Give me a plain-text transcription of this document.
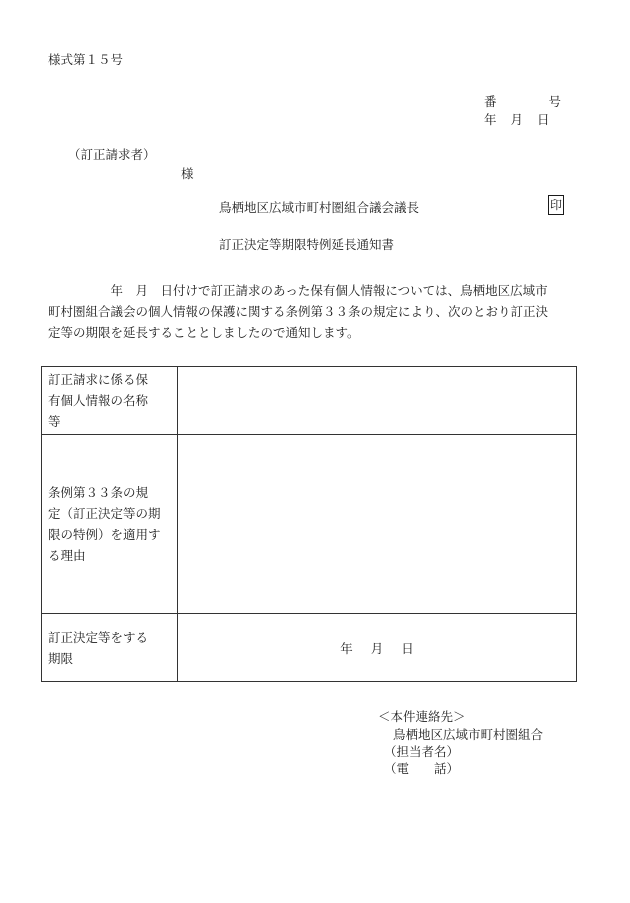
様式第１５号
番	号
年 月 日
（訂正請求者）
様
鳥栖地区広域市町村圏組合議会議長	印
訂正決定等期限特例延長通知書
　　　　　年　月　日付けで訂正請求のあった保有個人情報については、鳥栖地区広域市
町村圏組合議会の個人情報の保護に関する条例第３３条の規定により、次のとおり訂正決
定等の期限を延長することとしましたので通知します。
訂正請求に係る保
有個人情報の名称
等	

条例第３３条の規
定（訂正決定等の期
限の特例）を適用す
る理由	

訂正決定等をする
期限	年 月 日
＜本件連絡先＞
鳥栖地区広域市町村圏組合
（担当者名）
（電　　話）
